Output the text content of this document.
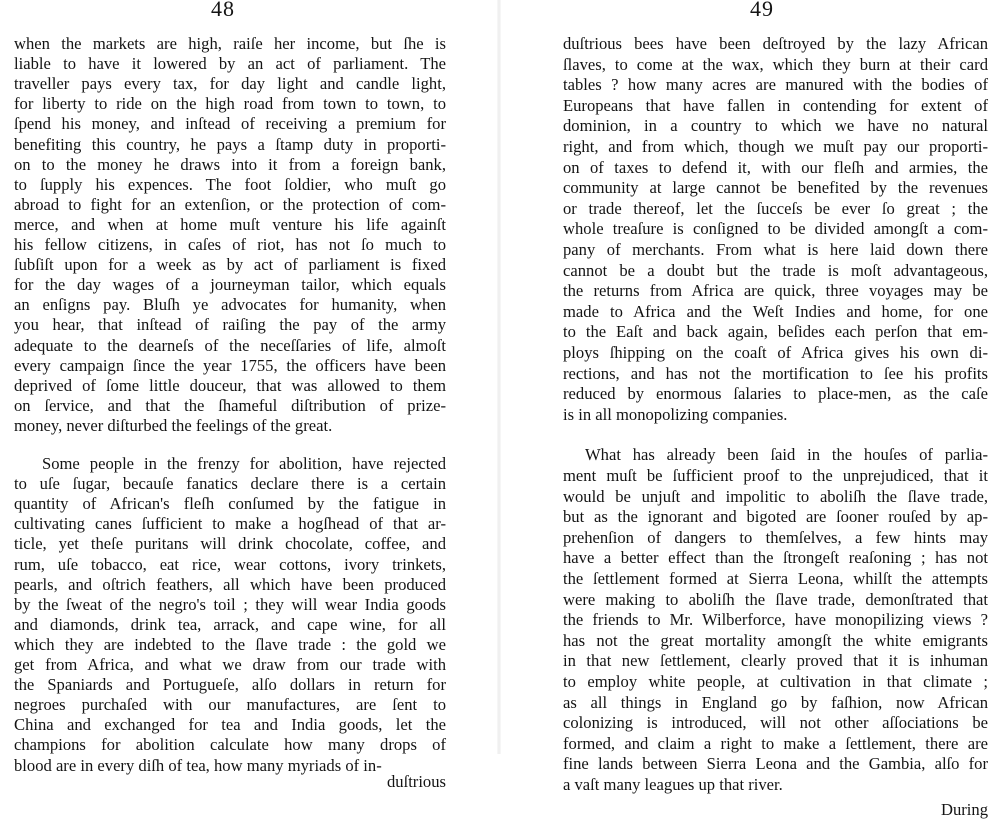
48
when the markets are high, raiſe her income, but ſhe is
liable to have it lowered by an act of parliament. The
traveller pays every tax, for day light and candle light,
for liberty to ride on the high road from town to town, to
ſpend his money, and inſtead of receiving a premium for
benefiting this country, he pays a ſtamp duty in proporti-
on to the money he draws into it from a foreign bank,
to ſupply his expences. The foot ſoldier, who muſt go
abroad to fight for an extenſion, or the protection of com-
merce, and when at home muſt venture his life againſt
his fellow citizens, in caſes of riot, has not ſo much to
ſubſiſt upon for a week as by act of parliament is fixed
for the day wages of a journeyman tailor, which equals
an enſigns pay. Bluſh ye advocates for humanity, when
you hear, that inſtead of raiſing the pay of the army
adequate to the dearneſs of the neceſſaries of life, almoſt
every campaign ſince the year 1755, the officers have been
deprived of ſome little douceur, that was allowed to them
on ſervice, and that the ſhameful diſtribution of prize-
money, never diſturbed the feelings of the great.
Some people in the frenzy for abolition, have rejected
to uſe ſugar, becauſe fanatics declare there is a certain
quantity of African's fleſh conſumed by the fatigue in
cultivating canes ſufficient to make a hogſhead of that ar-
ticle, yet theſe puritans will drink chocolate, coffee, and
rum, uſe tobacco, eat rice, wear cottons, ivory trinkets,
pearls, and oſtrich feathers, all which have been produced
by the ſweat of the negro's toil ; they will wear India goods
and diamonds, drink tea, arrack, and cape wine, for all
which they are indebted to the ſlave trade : the gold we
get from Africa, and what we draw from our trade with
the Spaniards and Portugueſe, alſo dollars in return for
negroes purchaſed with our manufactures, are ſent to
China and exchanged for tea and India goods, let the
champions for abolition calculate how many drops of
blood are in every diſh of tea, how many myriads of in-
duſtrious
49
duſtrious bees have been deſtroyed by the lazy African
ſlaves, to come at the wax, which they burn at their card
tables ? how many acres are manured with the bodies of
Europeans that have fallen in contending for extent of
dominion, in a country to which we have no natural
right, and from which, though we muſt pay our proporti-
on of taxes to defend it, with our fleſh and armies, the
community at large cannot be benefited by the revenues
or trade thereof, let the ſucceſs be ever ſo great ; the
whole treaſure is conſigned to be divided amongſt a com-
pany of merchants. From what is here laid down there
cannot be a doubt but the trade is moſt advantageous,
the returns from Africa are quick, three voyages may be
made to Africa and the Weſt Indies and home, for one
to the Eaſt and back again, beſides each perſon that em-
ploys ſhipping on the coaſt of Africa gives his own di-
rections, and has not the mortification to ſee his profits
reduced by enormous ſalaries to place-men, as the caſe
is in all monopolizing companies.
What has already been ſaid in the houſes of parlia-
ment muſt be ſufficient proof to the unprejudiced, that it
would be unjuſt and impolitic to aboliſh the ſlave trade,
but as the ignorant and bigoted are ſooner rouſed by ap-
prehenſion of dangers to themſelves, a few hints may
have a better effect than the ſtrongeſt reaſoning ; has not
the ſettlement formed at Sierra Leona, whilſt the attempts
were making to aboliſh the ſlave trade, demonſtrated that
the friends to Mr. Wilberforce, have monopilizing views ?
has not the great mortality amongſt the white emigrants
in that new ſettlement, clearly proved that it is inhuman
to employ white people, at cultivation in that climate ;
as all things in England go by faſhion, now African
colonizing is introduced, will not other aſſociations be
formed, and claim a right to make a ſettlement, there are
fine lands between Sierra Leona and the Gambia, alſo for
a vaſt many leagues up that river.
During
